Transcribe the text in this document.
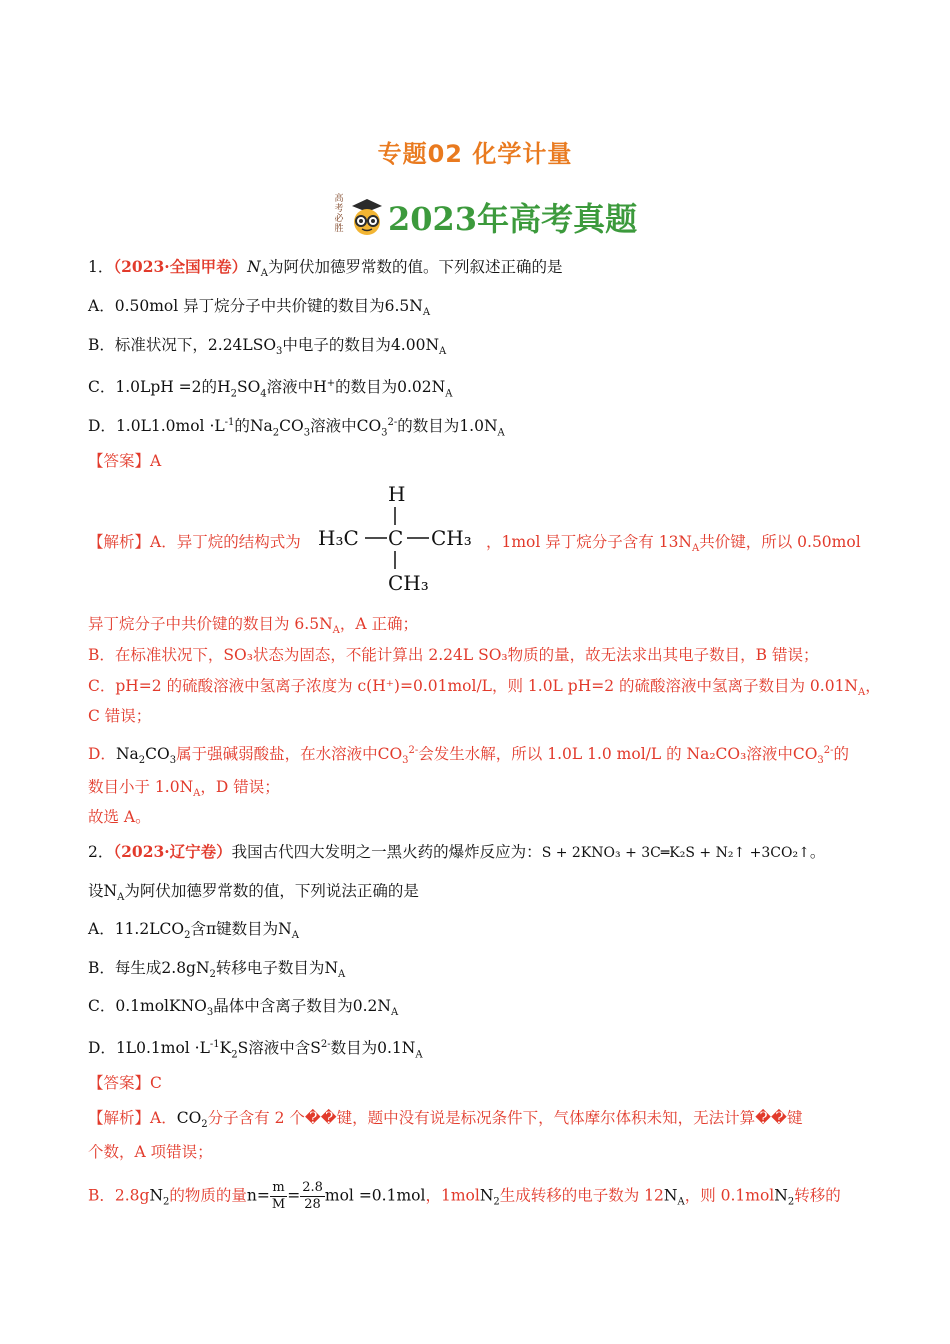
专题02 化学计量
高考必胜 2023年高考真题
1．（2023·全国甲卷）$N_A$为阿伏加德罗常数的值。下列叙述正确的是
A．0.50mol 异丁烷分子中共价键的数目为$6.5N_A$
B．标准状况下，$2.24LSO_3$中电子的数目为$4.00N_A$
C．1.0LpH =2的$H_2SO_4$溶液中H+的数目为$0.02N_A$
D．$1.0L1.0mol \cdot L^{-1}$的$Na_2CO_3$溶液中$CO_3^{2-}$的数目为$1.0N_A$
【答案】A
【解析】A．异丁烷的结构式为
H
H₃C C CH₃
CH₃
，1mol 异丁烷分子含有 $13N_A$共价键，所以 0.50mol
异丁烷分子中共价键的数目为 $6.5N_A$，A 正确；
B．在标准状况下，SO₃状态为固态，不能计算出 2.24L SO₃物质的量，故无法求出其电子数目，B 错误；
C．pH=2 的硫酸溶液中氢离子浓度为 c(H⁺)=0.01mol/L，则 1.0L pH=2 的硫酸溶液中氢离子数目为 $0.01N_A$，
C 错误；
D．$Na_2CO_3$属于强碱弱酸盐，在水溶液中$CO_3^{2-}$会发生水解，所以 1.0L 1.0 mol/L 的 Na₂CO₃溶液中$CO_3^{2-}$的
数目小于 $1.0N_A$，D 错误；
故选 A。
2．（2023·辽宁卷）我国古代四大发明之一黑火药的爆炸反应为：S + 2KNO₃ + 3C═K₂S + N₂↑ +3CO₂↑。
设$N_A$为阿伏加德罗常数的值，下列说法正确的是
A．$11.2LCO_2$含π键数目为$N_A$
B．每生成$2.8gN_2$转移电子数目为$N_A$
C．0.1molKNO$_3$晶体中含离子数目为$0.2N_A$
D．$1L0.1mol \cdot L^{-1}K_2S$溶液中含$S^{2-}$数目为$0.1N_A$
【答案】C
【解析】A．$CO_2$分子含有 2 个��键，题中没有说是标况条件下，气体摩尔体积未知，无法计算��键
个数，A 项错误；
B．$2.8gN_2$的物质的量$n= \frac{m}{M} = \frac{2.8}{28}$ mol =0.1mol，1molN$_2$生成转移的电子数为 $12N_A$，则 0.1molN$_2$转移的
